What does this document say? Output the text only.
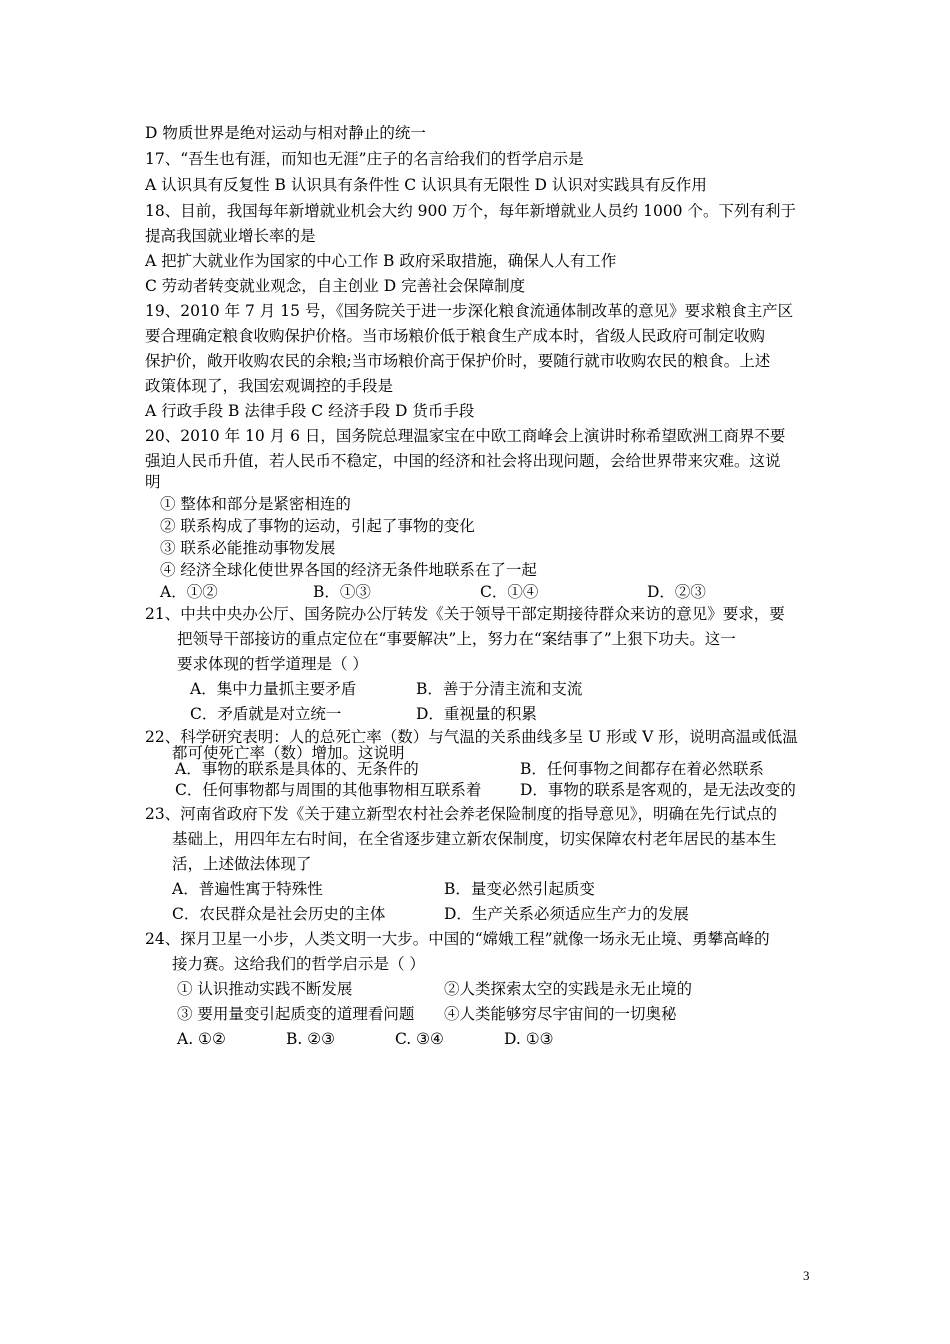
D 物质世界是绝对运动与相对静止的统一
17、“吾生也有涯，而知也无涯”庄子的名言给我们的哲学启示是
A 认识具有反复性 B 认识具有条件性 C 认识具有无限性 D 认识对实践具有反作用
18、目前，我国每年新增就业机会大约 900 万个，每年新增就业人员约 1000 个。下列有利于
提高我国就业增长率的是
A 把扩大就业作为国家的中心工作 B 政府采取措施，确保人人有工作
C 劳动者转变就业观念，自主创业 D 完善社会保障制度
19、2010 年 7 月 15 号，《国务院关于进一步深化粮食流通体制改革的意见》要求粮食主产区
要合理确定粮食收购保护价格。当市场粮价低于粮食生产成本时，省级人民政府可制定收购
保护价，敞开收购农民的余粮;当市场粮价高于保护价时，要随行就市收购农民的粮食。上述
政策体现了，我国宏观调控的手段是
A 行政手段 B 法律手段 C 经济手段 D 货币手段
20、2010 年 10 月 6 日，国务院总理温家宝在中欧工商峰会上演讲时称希望欧洲工商界不要
强迫人民币升值，若人民币不稳定，中国的经济和社会将出现问题，会给世界带来灾难。这说
明
① 整体和部分是紧密相连的
② 联系构成了事物的运动，引起了事物的变化
③ 联系必能推动事物发展
④ 经济全球化使世界各国的经济无条件地联系在了一起
A．①②	B．①③	C．①④	D．②③
21、中共中央办公厅、国务院办公厅转发《关于领导干部定期接待群众来访的意见》要求，要
把领导干部接访的重点定位在“事要解决”上，努力在“案结事了”上狠下功夫。这一
要求体现的哲学道理是（ ）
A．集中力量抓主要矛盾	B．善于分清主流和支流
C．矛盾就是对立统一	D．重视量的积累
22、科学研究表明：人的总死亡率（数）与气温的关系曲线多呈 U 形或 V 形，说明高温或低温
都可使死亡率（数）增加。这说明
A．事物的联系是具体的、无条件的	B．任何事物之间都存在着必然联系
C．任何事物都与周围的其他事物相互联系着 D．事物的联系是客观的，是无法改变的
23、河南省政府下发《关于建立新型农村社会养老保险制度的指导意见》，明确在先行试点的
基础上，用四年左右时间，在全省逐步建立新农保制度，切实保障农村老年居民的基本生
活，上述做法体现了
A．普遍性寓于特殊性	B．量变必然引起质变
C．农民群众是社会历史的主体	D．生产关系必须适应生产力的发展
24、探月卫星一小步，人类文明一大步。中国的“嫦娥工程”就像一场永无止境、勇攀高峰的
接力赛。这给我们的哲学启示是（ ）
① 认识推动实践不断发展	②人类探索太空的实践是永无止境的
③ 要用量变引起质变的道理看问题 ④人类能够穷尽宇宙间的一切奥秘
A. ①②	B. ②③	C. ③④	D. ①③
3
